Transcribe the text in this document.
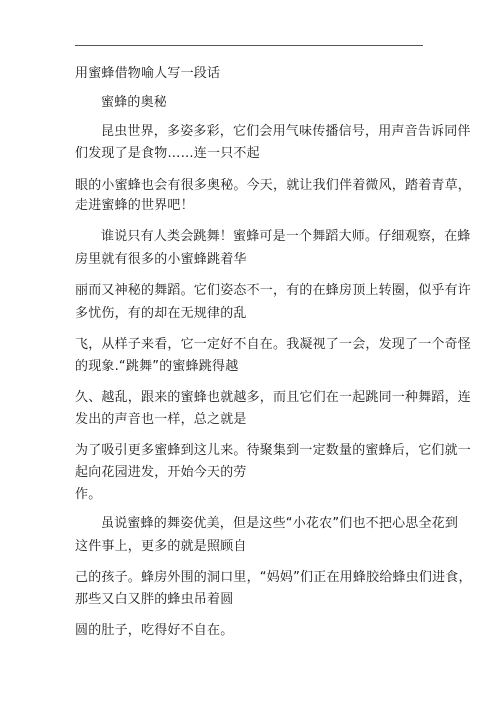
用蜜蜂借物喻人写一段话
蜜蜂的奥秘
昆虫世界，多姿多彩，它们会用气味传播信号，用声音告诉同伴
们发现了是食物……连一只不起
眼的小蜜蜂也会有很多奥秘。今天，就让我们伴着微风，踏着青草，
走进蜜蜂的世界吧！
谁说只有人类会跳舞！蜜蜂可是一个舞蹈大师。仔细观察，在蜂
房里就有很多的小蜜蜂跳着华
丽而又神秘的舞蹈。它们姿态不一，有的在蜂房顶上转圈，似乎有许
多忧伤，有的却在无规律的乱
飞，从样子来看，它一定好不自在。我凝视了一会，发现了一个奇怪
的现象.“跳舞”的蜜蜂跳得越
久、越乱，跟来的蜜蜂也就越多，而且它们在一起跳同一种舞蹈，连
发出的声音也一样，总之就是
为了吸引更多蜜蜂到这儿来。待聚集到一定数量的蜜蜂后，它们就一
起向花园进发，开始今天的劳
作。
虽说蜜蜂的舞姿优美，但是这些“小花农”们也不把心思全花到
这件事上，更多的就是照顾自
己的孩子。蜂房外围的洞口里，“妈妈”们正在用蜂胶给蜂虫们进食，
那些又白又胖的蜂虫吊着圆
圆的肚子，吃得好不自在。
